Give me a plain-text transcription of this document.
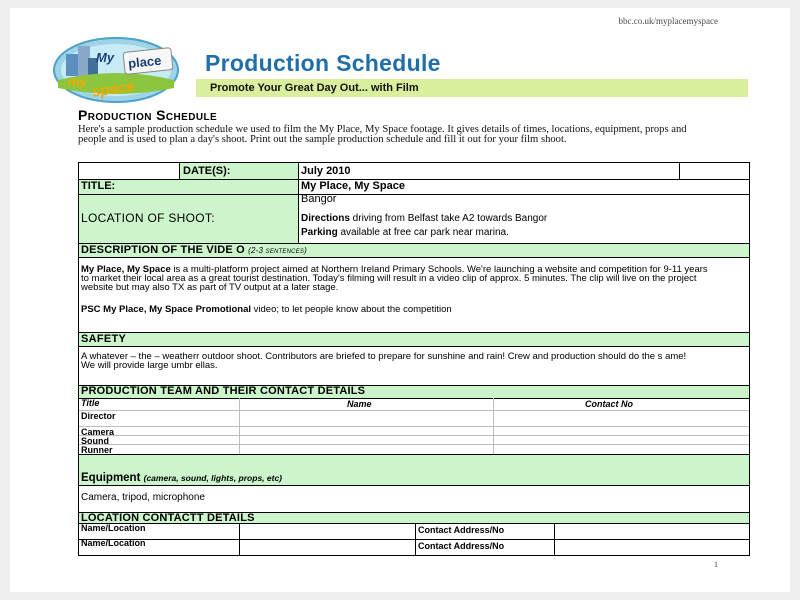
bbc.co.uk/myplacemyspace
My place
my space
Production Schedule
Promote Your Great Day Out... with Film
Production Schedule
Here's a sample production schedule we used to film the My Place, My Space footage. It gives details of times, locations, equipment, props and people and is used to plan a day's shoot. Print out the sample production schedule and fill it out for your film shoot.
DATE(S):	July 2010
TITLE:	My Place, My Space
LOCATION OF SHOOT:
Bangor
Directions driving from Belfast take A2 towards Bangor
Parking available at free car park near marina.
DESCRIPTION OF THE VIDE O (2-3 sentences)
My Place, My Space is a multi-platform project aimed at Northern Ireland Primary Schools. We're launching a website and competition for 9-11 years to market their local area as a great tourist destination. Today's filming will result in a video clip of approx. 5 minutes. The clip will live on the project website but may also TX as part of TV output at a later stage.
PSC My Place, My Space Promotional video; to let people know about the competition
SAFETY
A whatever – the – weatherr outdoor shoot. Contributors are briefed to prepare for sunshine and rain! Crew and production should do the s ame!
We will provide large umbr ellas.
PRODUCTION TEAM AND THEIR CONTACT DETAILS
Title	Name	Contact No
Director
Camera
Sound
Runner
Equipment (camera, sound, lights, props, etc)
Camera, tripod, microphone
LOCATION CONTACTT DETAILS
Name/Location	Contact Address/No
Name/Location	Contact Address/No
1
